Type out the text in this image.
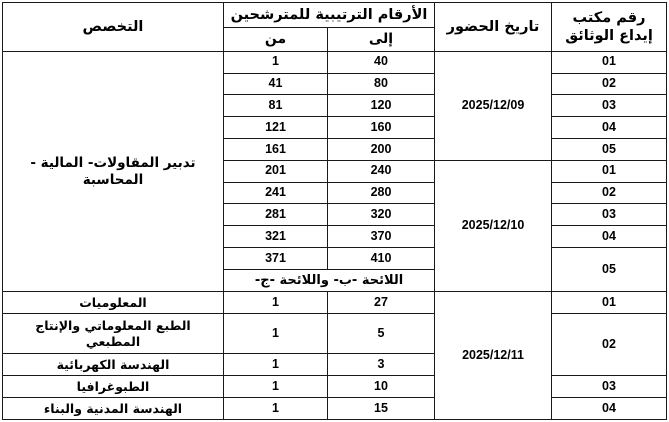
رقم مكتب
إيداع الوثائق	تاريخ الحضور	الأرقام الترتيبية للمترشحين		التخصص
		إلى	من	
01	2025/12/09	40	1	تدبير المقاولات- المالية - المحاسبة
02		80	41	
03		120	81	
04		160	121	
05		200	161	
01	2025/12/10	240	201	
02		280	241	
03		320	281	
04		370	321	
05		410	371	
		اللائحة -ب- واللائحة -ج-		
01	2025/12/11	27	1	المعلوميات
02		5	1	الطبع المعلوماتي والإنتاج المطبعي
		3	1	الهندسة الكهربائية
03		10	1	الطبوغرافيا
04		15	1	الهندسة المدنية والبناء
